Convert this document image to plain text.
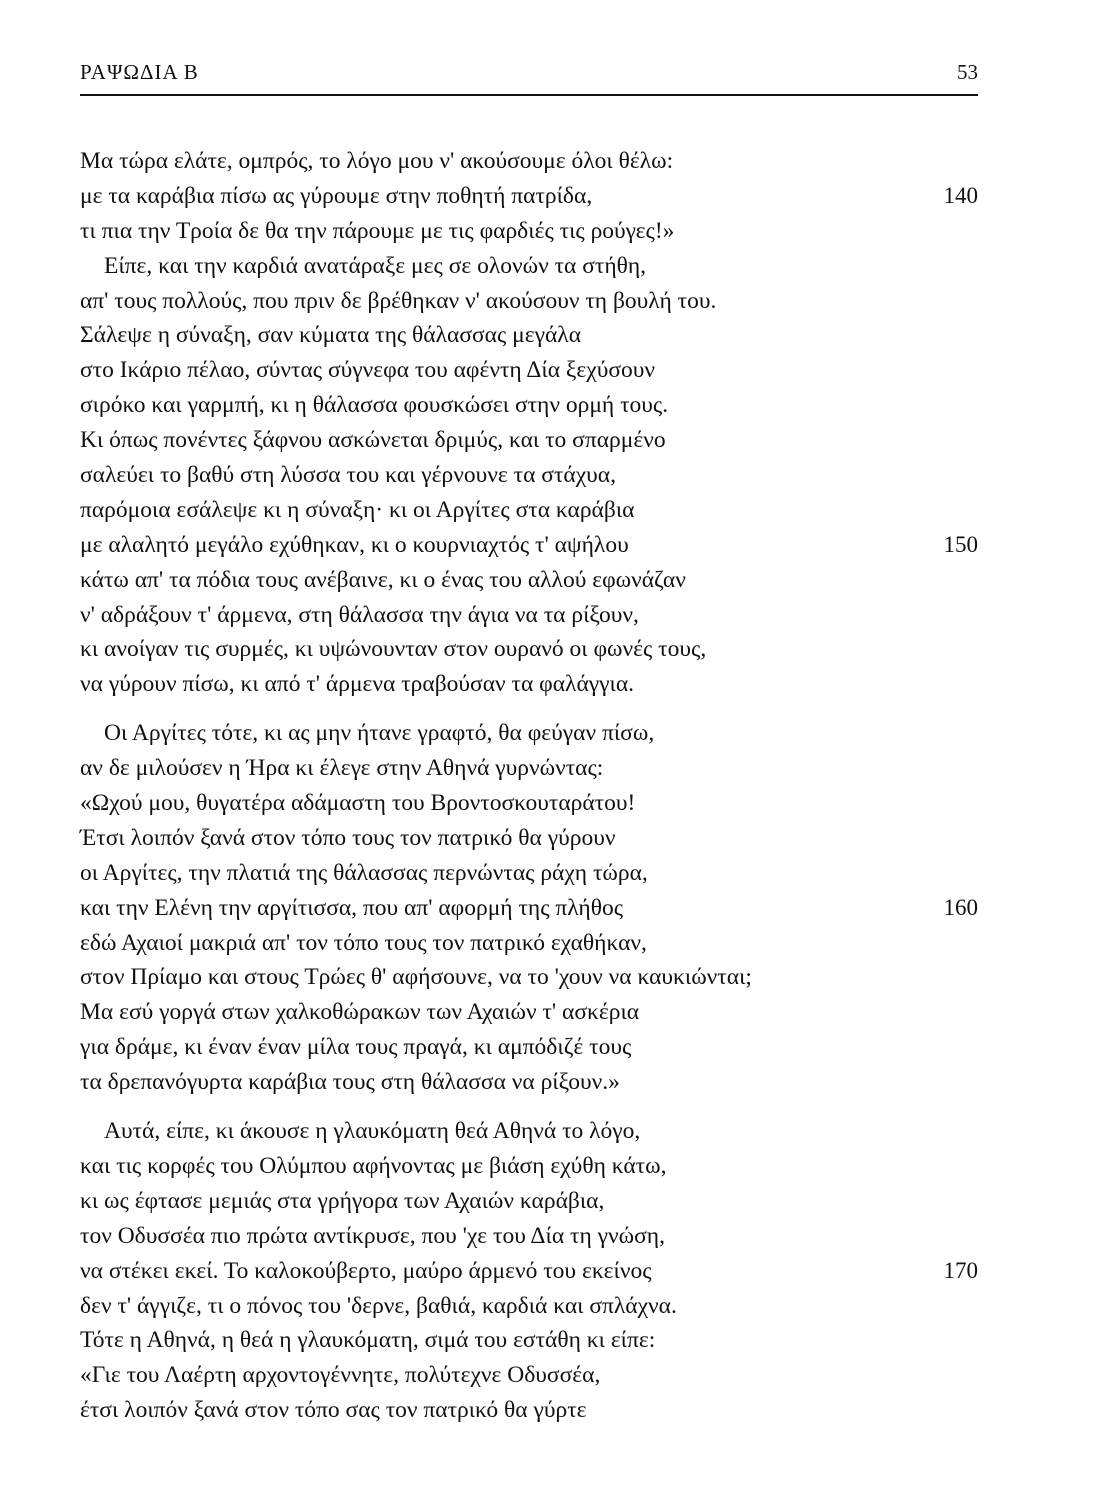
ΡΑΨΩΔΙΑ Β	53
Μα τώρα ελάτε, ομπρός, το λόγο μου ν' ακούσουμε όλοι θέλω:
με τα καράβια πίσω ας γύρουμε στην ποθητή πατρίδα,	140
τι πια την Τροία δε θα την πάρουμε με τις φαρδιές τις ρούγες!»
Είπε, και την καρδιά ανατάραξε μες σε ολονών τα στήθη,
απ' τους πολλούς, που πριν δε βρέθηκαν ν' ακούσουν τη βουλή του.
Σάλεψε η σύναξη, σαν κύματα της θάλασσας μεγάλα
στο Ικάριο πέλαο, σύντας σύγνεφα του αφέντη Δία ξεχύσουν
σιρόκο και γαρμπή, κι η θάλασσα φουσκώσει στην ορμή τους.
Κι όπως πονέντες ξάφνου ασκώνεται δριμύς, και το σπαρμένο
σαλεύει το βαθύ στη λύσσα του και γέρνουνε τα στάχυα,
παρόμοια εσάλεψε κι η σύναξη· κι οι Αργίτες στα καράβια
με αλαλητό μεγάλο εχύθηκαν, κι ο κουρνιαχτός τ' αψήλου	150
κάτω απ' τα πόδια τους ανέβαινε, κι ο ένας του αλλού εφωνάζαν
ν' αδράξουν τ' άρμενα, στη θάλασσα την άγια να τα ρίξουν,
κι ανοίγαν τις συρμές, κι υψώνουνταν στον ουρανό οι φωνές τους,
να γύρουν πίσω, κι από τ' άρμενα τραβούσαν τα φαλάγγια.
Οι Αργίτες τότε, κι ας μην ήτανε γραφτό, θα φεύγαν πίσω,
αν δε μιλούσεν η Ήρα κι έλεγε στην Αθηνά γυρνώντας:
«Ωχού μου, θυγατέρα αδάμαστη του Βροντοσκουταράτου!
Έτσι λοιπόν ξανά στον τόπο τους τον πατρικό θα γύρουν
οι Αργίτες, την πλατιά της θάλασσας περνώντας ράχη τώρα,
και την Ελένη την αργίτισσα, που απ' αφορμή της πλήθος	160
εδώ Αχαιοί μακριά απ' τον τόπο τους τον πατρικό εχαθήκαν,
στον Πρίαμο και στους Τρώες θ' αφήσουνε, να το 'χουν να καυκιώνται;
Μα εσύ γοργά στων χαλκοθώρακων των Αχαιών τ' ασκέρια
για δράμε, κι έναν έναν μίλα τους πραγά, κι αμπόδιζέ τους
τα δρεπανόγυρτα καράβια τους στη θάλασσα να ρίξουν.»
Αυτά, είπε, κι άκουσε η γλαυκόματη θεά Αθηνά το λόγο,
και τις κορφές του Ολύμπου αφήνοντας με βιάση εχύθη κάτω,
κι ως έφτασε μεμιάς στα γρήγορα των Αχαιών καράβια,
τον Οδυσσέα πιο πρώτα αντίκρυσε, που 'χε του Δία τη γνώση,
να στέκει εκεί. Το καλοκούβερτο, μαύρο άρμενό του εκείνος	170
δεν τ' άγγιζε, τι ο πόνος του 'δερνε, βαθιά, καρδιά και σπλάχνα.
Τότε η Αθηνά, η θεά η γλαυκόματη, σιμά του εστάθη κι είπε:
«Γιε του Λαέρτη αρχοντογέννητε, πολύτεχνε Οδυσσέα,
έτσι λοιπόν ξανά στον τόπο σας τον πατρικό θα γύρτε
